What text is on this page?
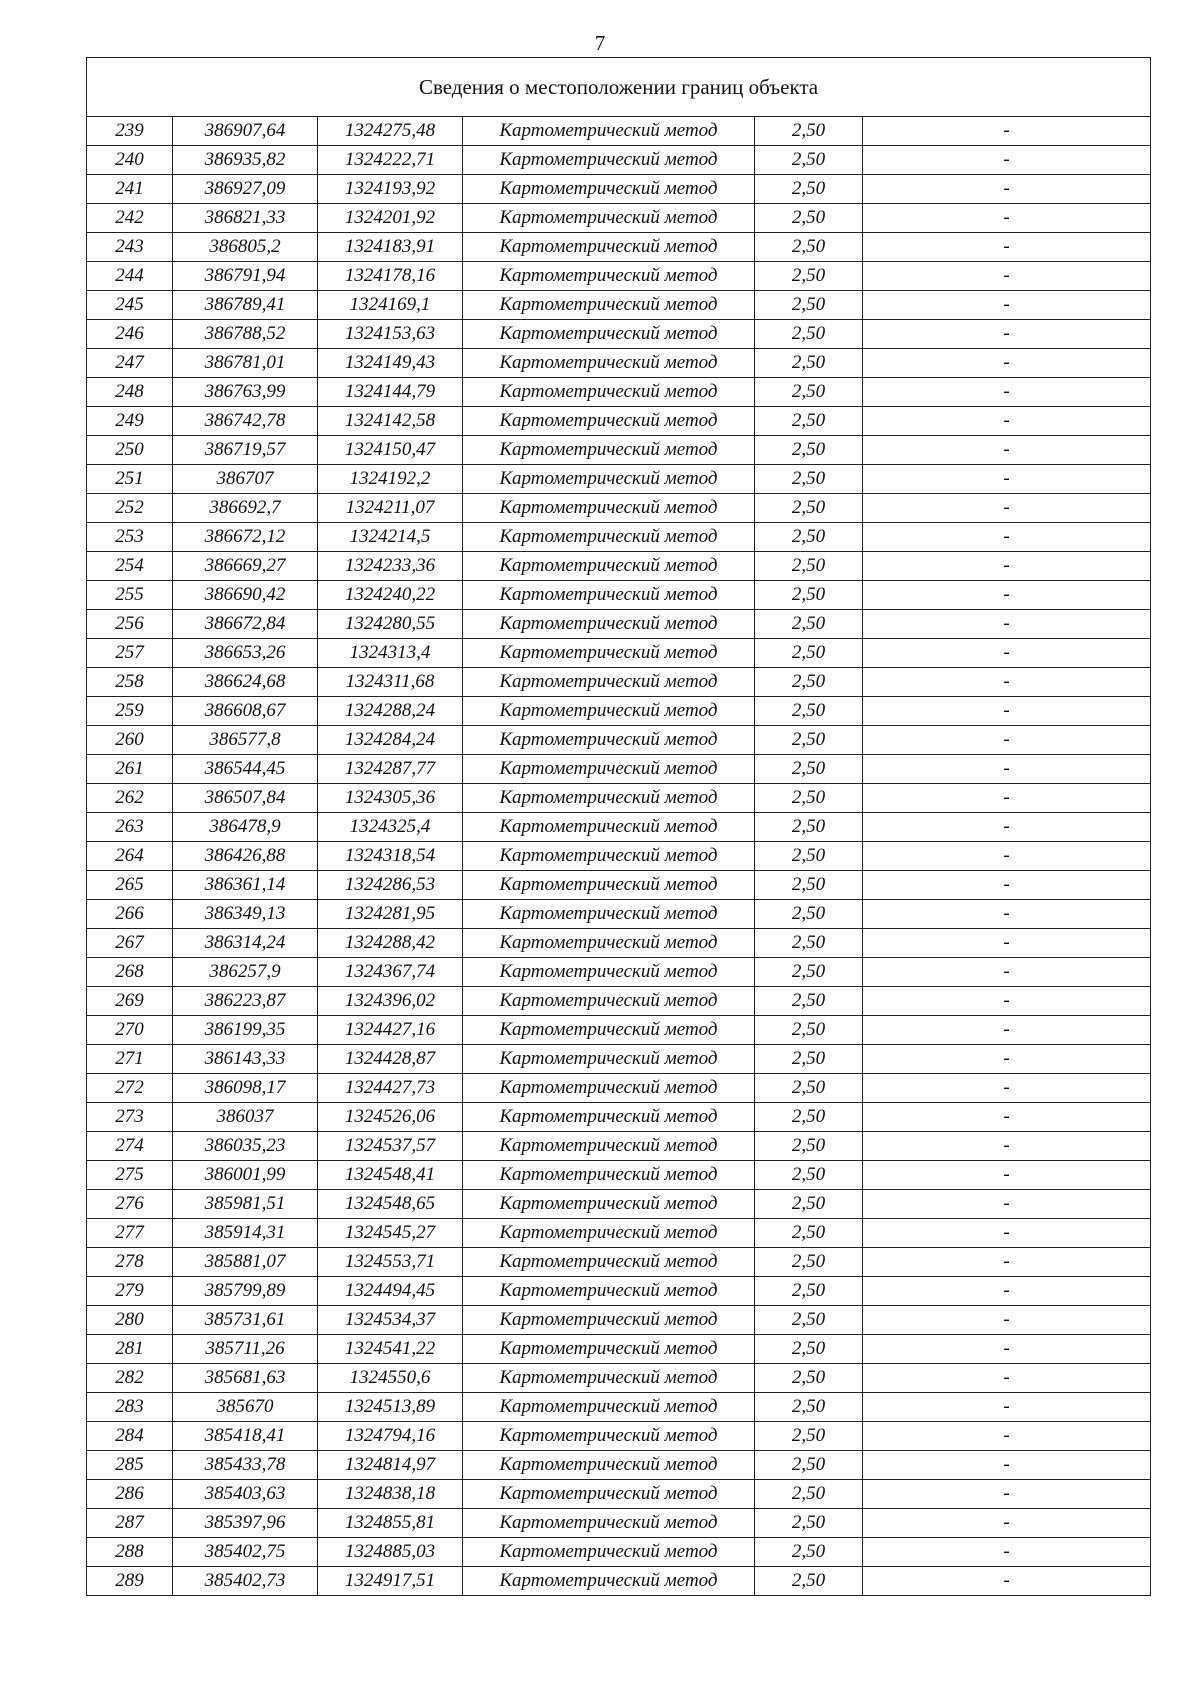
7
Сведения о местоположении границ объекта					
239	386907,64	1324275,48	Картометрический метод	2,50	-
240	386935,82	1324222,71	Картометрический метод	2,50	-
241	386927,09	1324193,92	Картометрический метод	2,50	-
242	386821,33	1324201,92	Картометрический метод	2,50	-
243	386805,2	1324183,91	Картометрический метод	2,50	-
244	386791,94	1324178,16	Картометрический метод	2,50	-
245	386789,41	1324169,1	Картометрический метод	2,50	-
246	386788,52	1324153,63	Картометрический метод	2,50	-
247	386781,01	1324149,43	Картометрический метод	2,50	-
248	386763,99	1324144,79	Картометрический метод	2,50	-
249	386742,78	1324142,58	Картометрический метод	2,50	-
250	386719,57	1324150,47	Картометрический метод	2,50	-
251	386707	1324192,2	Картометрический метод	2,50	-
252	386692,7	1324211,07	Картометрический метод	2,50	-
253	386672,12	1324214,5	Картометрический метод	2,50	-
254	386669,27	1324233,36	Картометрический метод	2,50	-
255	386690,42	1324240,22	Картометрический метод	2,50	-
256	386672,84	1324280,55	Картометрический метод	2,50	-
257	386653,26	1324313,4	Картометрический метод	2,50	-
258	386624,68	1324311,68	Картометрический метод	2,50	-
259	386608,67	1324288,24	Картометрический метод	2,50	-
260	386577,8	1324284,24	Картометрический метод	2,50	-
261	386544,45	1324287,77	Картометрический метод	2,50	-
262	386507,84	1324305,36	Картометрический метод	2,50	-
263	386478,9	1324325,4	Картометрический метод	2,50	-
264	386426,88	1324318,54	Картометрический метод	2,50	-
265	386361,14	1324286,53	Картометрический метод	2,50	-
266	386349,13	1324281,95	Картометрический метод	2,50	-
267	386314,24	1324288,42	Картометрический метод	2,50	-
268	386257,9	1324367,74	Картометрический метод	2,50	-
269	386223,87	1324396,02	Картометрический метод	2,50	-
270	386199,35	1324427,16	Картометрический метод	2,50	-
271	386143,33	1324428,87	Картометрический метод	2,50	-
272	386098,17	1324427,73	Картометрический метод	2,50	-
273	386037	1324526,06	Картометрический метод	2,50	-
274	386035,23	1324537,57	Картометрический метод	2,50	-
275	386001,99	1324548,41	Картометрический метод	2,50	-
276	385981,51	1324548,65	Картометрический метод	2,50	-
277	385914,31	1324545,27	Картометрический метод	2,50	-
278	385881,07	1324553,71	Картометрический метод	2,50	-
279	385799,89	1324494,45	Картометрический метод	2,50	-
280	385731,61	1324534,37	Картометрический метод	2,50	-
281	385711,26	1324541,22	Картометрический метод	2,50	-
282	385681,63	1324550,6	Картометрический метод	2,50	-
283	385670	1324513,89	Картометрический метод	2,50	-
284	385418,41	1324794,16	Картометрический метод	2,50	-
285	385433,78	1324814,97	Картометрический метод	2,50	-
286	385403,63	1324838,18	Картометрический метод	2,50	-
287	385397,96	1324855,81	Картометрический метод	2,50	-
288	385402,75	1324885,03	Картометрический метод	2,50	-
289	385402,73	1324917,51	Картометрический метод	2,50	-
